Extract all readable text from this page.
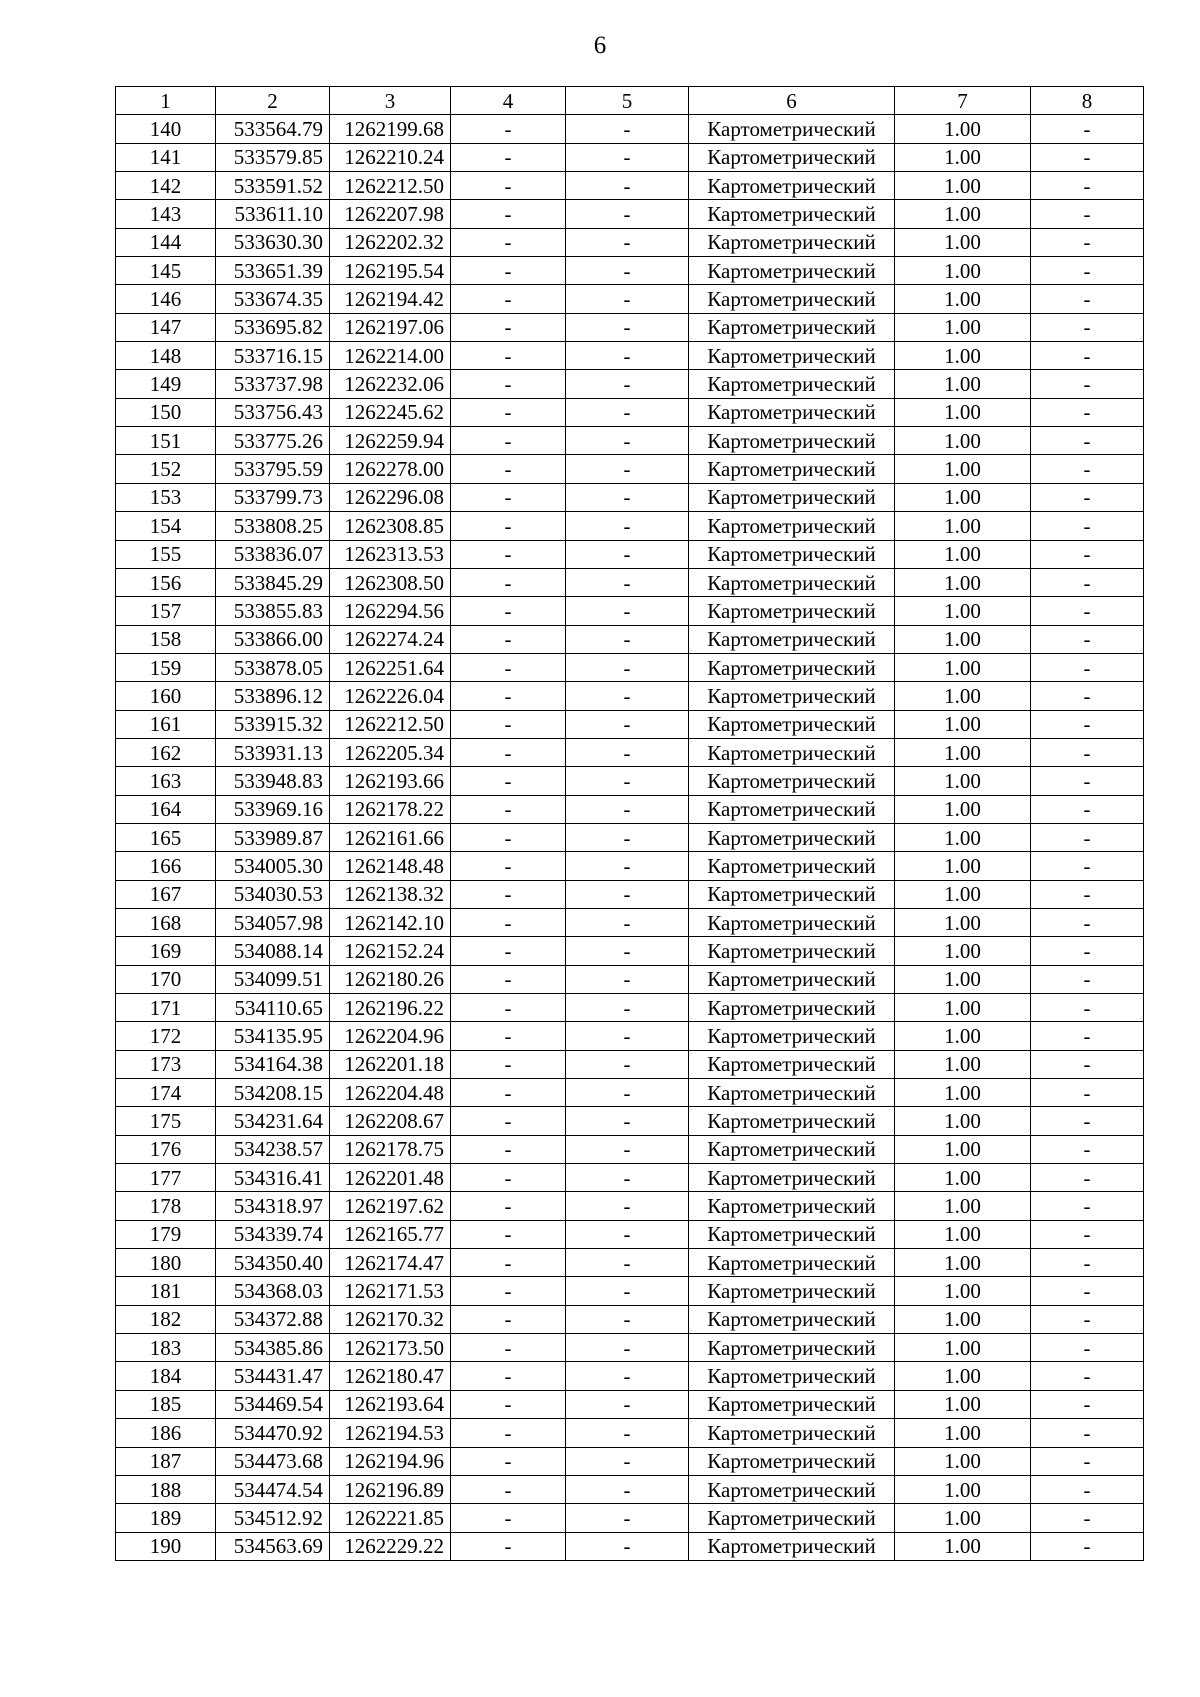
6
1	2	3	4	5	6	7	8
140	533564.79	1262199.68	-	-	Картометрический	1.00	-
141	533579.85	1262210.24	-	-	Картометрический	1.00	-
142	533591.52	1262212.50	-	-	Картометрический	1.00	-
143	533611.10	1262207.98	-	-	Картометрический	1.00	-
144	533630.30	1262202.32	-	-	Картометрический	1.00	-
145	533651.39	1262195.54	-	-	Картометрический	1.00	-
146	533674.35	1262194.42	-	-	Картометрический	1.00	-
147	533695.82	1262197.06	-	-	Картометрический	1.00	-
148	533716.15	1262214.00	-	-	Картометрический	1.00	-
149	533737.98	1262232.06	-	-	Картометрический	1.00	-
150	533756.43	1262245.62	-	-	Картометрический	1.00	-
151	533775.26	1262259.94	-	-	Картометрический	1.00	-
152	533795.59	1262278.00	-	-	Картометрический	1.00	-
153	533799.73	1262296.08	-	-	Картометрический	1.00	-
154	533808.25	1262308.85	-	-	Картометрический	1.00	-
155	533836.07	1262313.53	-	-	Картометрический	1.00	-
156	533845.29	1262308.50	-	-	Картометрический	1.00	-
157	533855.83	1262294.56	-	-	Картометрический	1.00	-
158	533866.00	1262274.24	-	-	Картометрический	1.00	-
159	533878.05	1262251.64	-	-	Картометрический	1.00	-
160	533896.12	1262226.04	-	-	Картометрический	1.00	-
161	533915.32	1262212.50	-	-	Картометрический	1.00	-
162	533931.13	1262205.34	-	-	Картометрический	1.00	-
163	533948.83	1262193.66	-	-	Картометрический	1.00	-
164	533969.16	1262178.22	-	-	Картометрический	1.00	-
165	533989.87	1262161.66	-	-	Картометрический	1.00	-
166	534005.30	1262148.48	-	-	Картометрический	1.00	-
167	534030.53	1262138.32	-	-	Картометрический	1.00	-
168	534057.98	1262142.10	-	-	Картометрический	1.00	-
169	534088.14	1262152.24	-	-	Картометрический	1.00	-
170	534099.51	1262180.26	-	-	Картометрический	1.00	-
171	534110.65	1262196.22	-	-	Картометрический	1.00	-
172	534135.95	1262204.96	-	-	Картометрический	1.00	-
173	534164.38	1262201.18	-	-	Картометрический	1.00	-
174	534208.15	1262204.48	-	-	Картометрический	1.00	-
175	534231.64	1262208.67	-	-	Картометрический	1.00	-
176	534238.57	1262178.75	-	-	Картометрический	1.00	-
177	534316.41	1262201.48	-	-	Картометрический	1.00	-
178	534318.97	1262197.62	-	-	Картометрический	1.00	-
179	534339.74	1262165.77	-	-	Картометрический	1.00	-
180	534350.40	1262174.47	-	-	Картометрический	1.00	-
181	534368.03	1262171.53	-	-	Картометрический	1.00	-
182	534372.88	1262170.32	-	-	Картометрический	1.00	-
183	534385.86	1262173.50	-	-	Картометрический	1.00	-
184	534431.47	1262180.47	-	-	Картометрический	1.00	-
185	534469.54	1262193.64	-	-	Картометрический	1.00	-
186	534470.92	1262194.53	-	-	Картометрический	1.00	-
187	534473.68	1262194.96	-	-	Картометрический	1.00	-
188	534474.54	1262196.89	-	-	Картометрический	1.00	-
189	534512.92	1262221.85	-	-	Картометрический	1.00	-
190	534563.69	1262229.22	-	-	Картометрический	1.00	-
